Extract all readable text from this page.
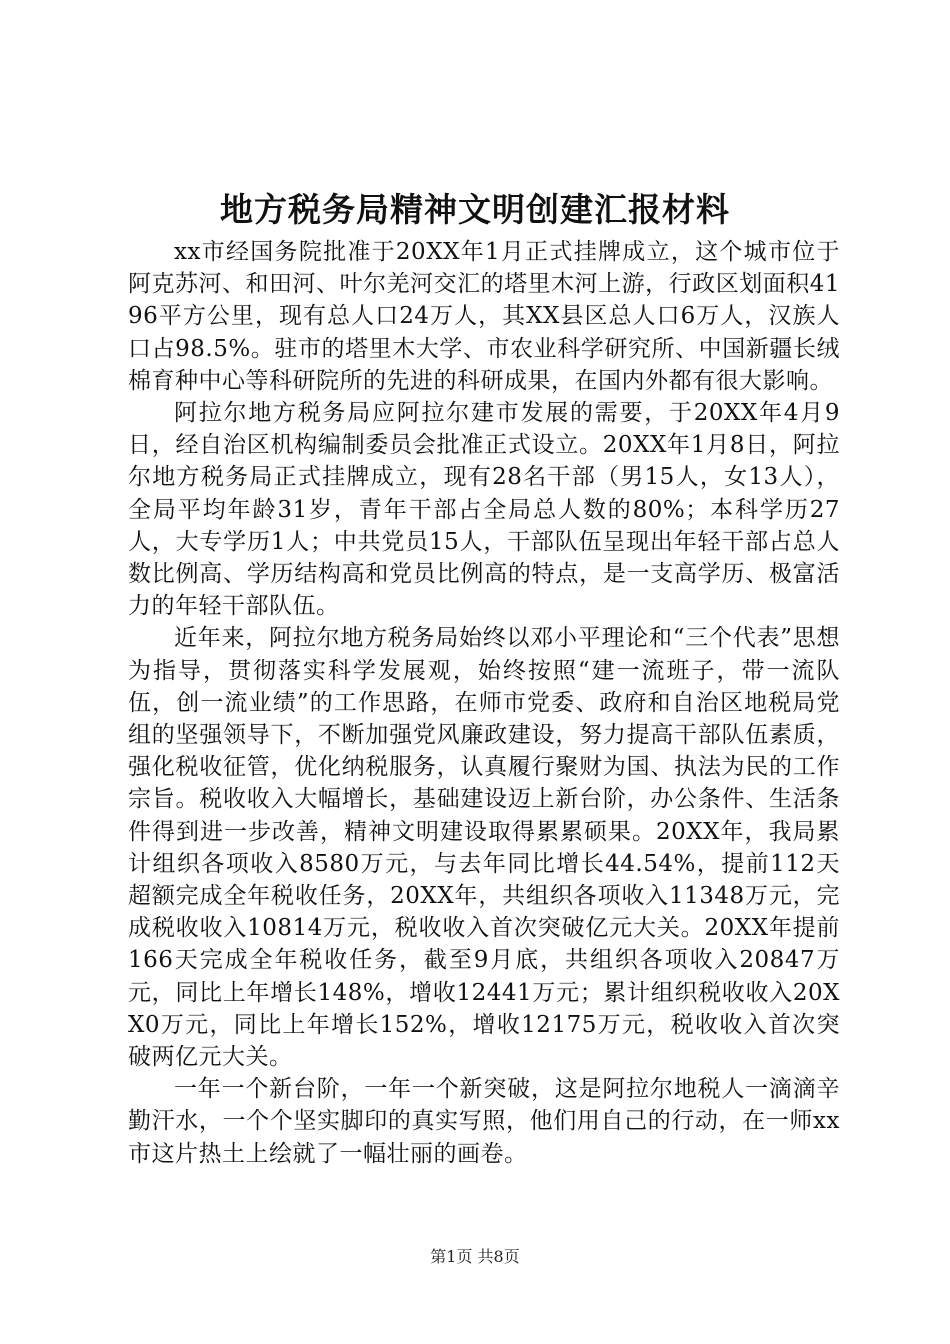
地方税务局精神文明创建汇报材料

xx市经国务院批准于20XX年1月正式挂牌成立，这个城市位于阿克苏河、和田河、叶尔羌河交汇的塔里木河上游，行政区划面积4196平方公里，现有总人口24万人，其XX县区总人口6万人，汉族人口占98.5%。驻市的塔里木大学、市农业科学研究所、中国新疆长绒棉育种中心等科研院所的先进的科研成果，在国内外都有很大影响。

阿拉尔地方税务局应阿拉尔建市发展的需要，于20XX年4月9日，经自治区机构编制委员会批准正式设立。20XX年1月8日，阿拉尔地方税务局正式挂牌成立，现有28名干部（男15人，女13人），全局平均年龄31岁，青年干部占全局总人数的80%；本科学历27人，大专学历1人；中共党员15人，干部队伍呈现出年轻干部占总人数比例高、学历结构高和党员比例高的特点，是一支高学历、极富活力的年轻干部队伍。

近年来，阿拉尔地方税务局始终以邓小平理论和“三个代表”思想为指导，贯彻落实科学发展观，始终按照“建一流班子，带一流队伍，创一流业绩”的工作思路，在师市党委、政府和自治区地税局党组的坚强领导下，不断加强党风廉政建设，努力提高干部队伍素质，强化税收征管，优化纳税服务，认真履行聚财为国、执法为民的工作宗旨。税收收入大幅增长，基础建设迈上新台阶，办公条件、生活条件得到进一步改善，精神文明建设取得累累硕果。20XX年，我局累计组织各项收入8580万元，与去年同比增长44.54%，提前112天超额完成全年税收任务，20XX年，共组织各项收入11348万元，完成税收收入10814万元，税收收入首次突破亿元大关。20XX年提前166天完成全年税收任务，截至9月底，共组织各项收入20847万元，同比上年增长148%，增收12441万元；累计组织税收收入20XX0万元，同比上年增长152%，增收12175万元，税收收入首次突破两亿元大关。

一年一个新台阶，一年一个新突破，这是阿拉尔地税人一滴滴辛勤汗水，一个个坚实脚印的真实写照，他们用自己的行动，在一师xx市这片热土上绘就了一幅壮丽的画卷。

第1页 共8页
